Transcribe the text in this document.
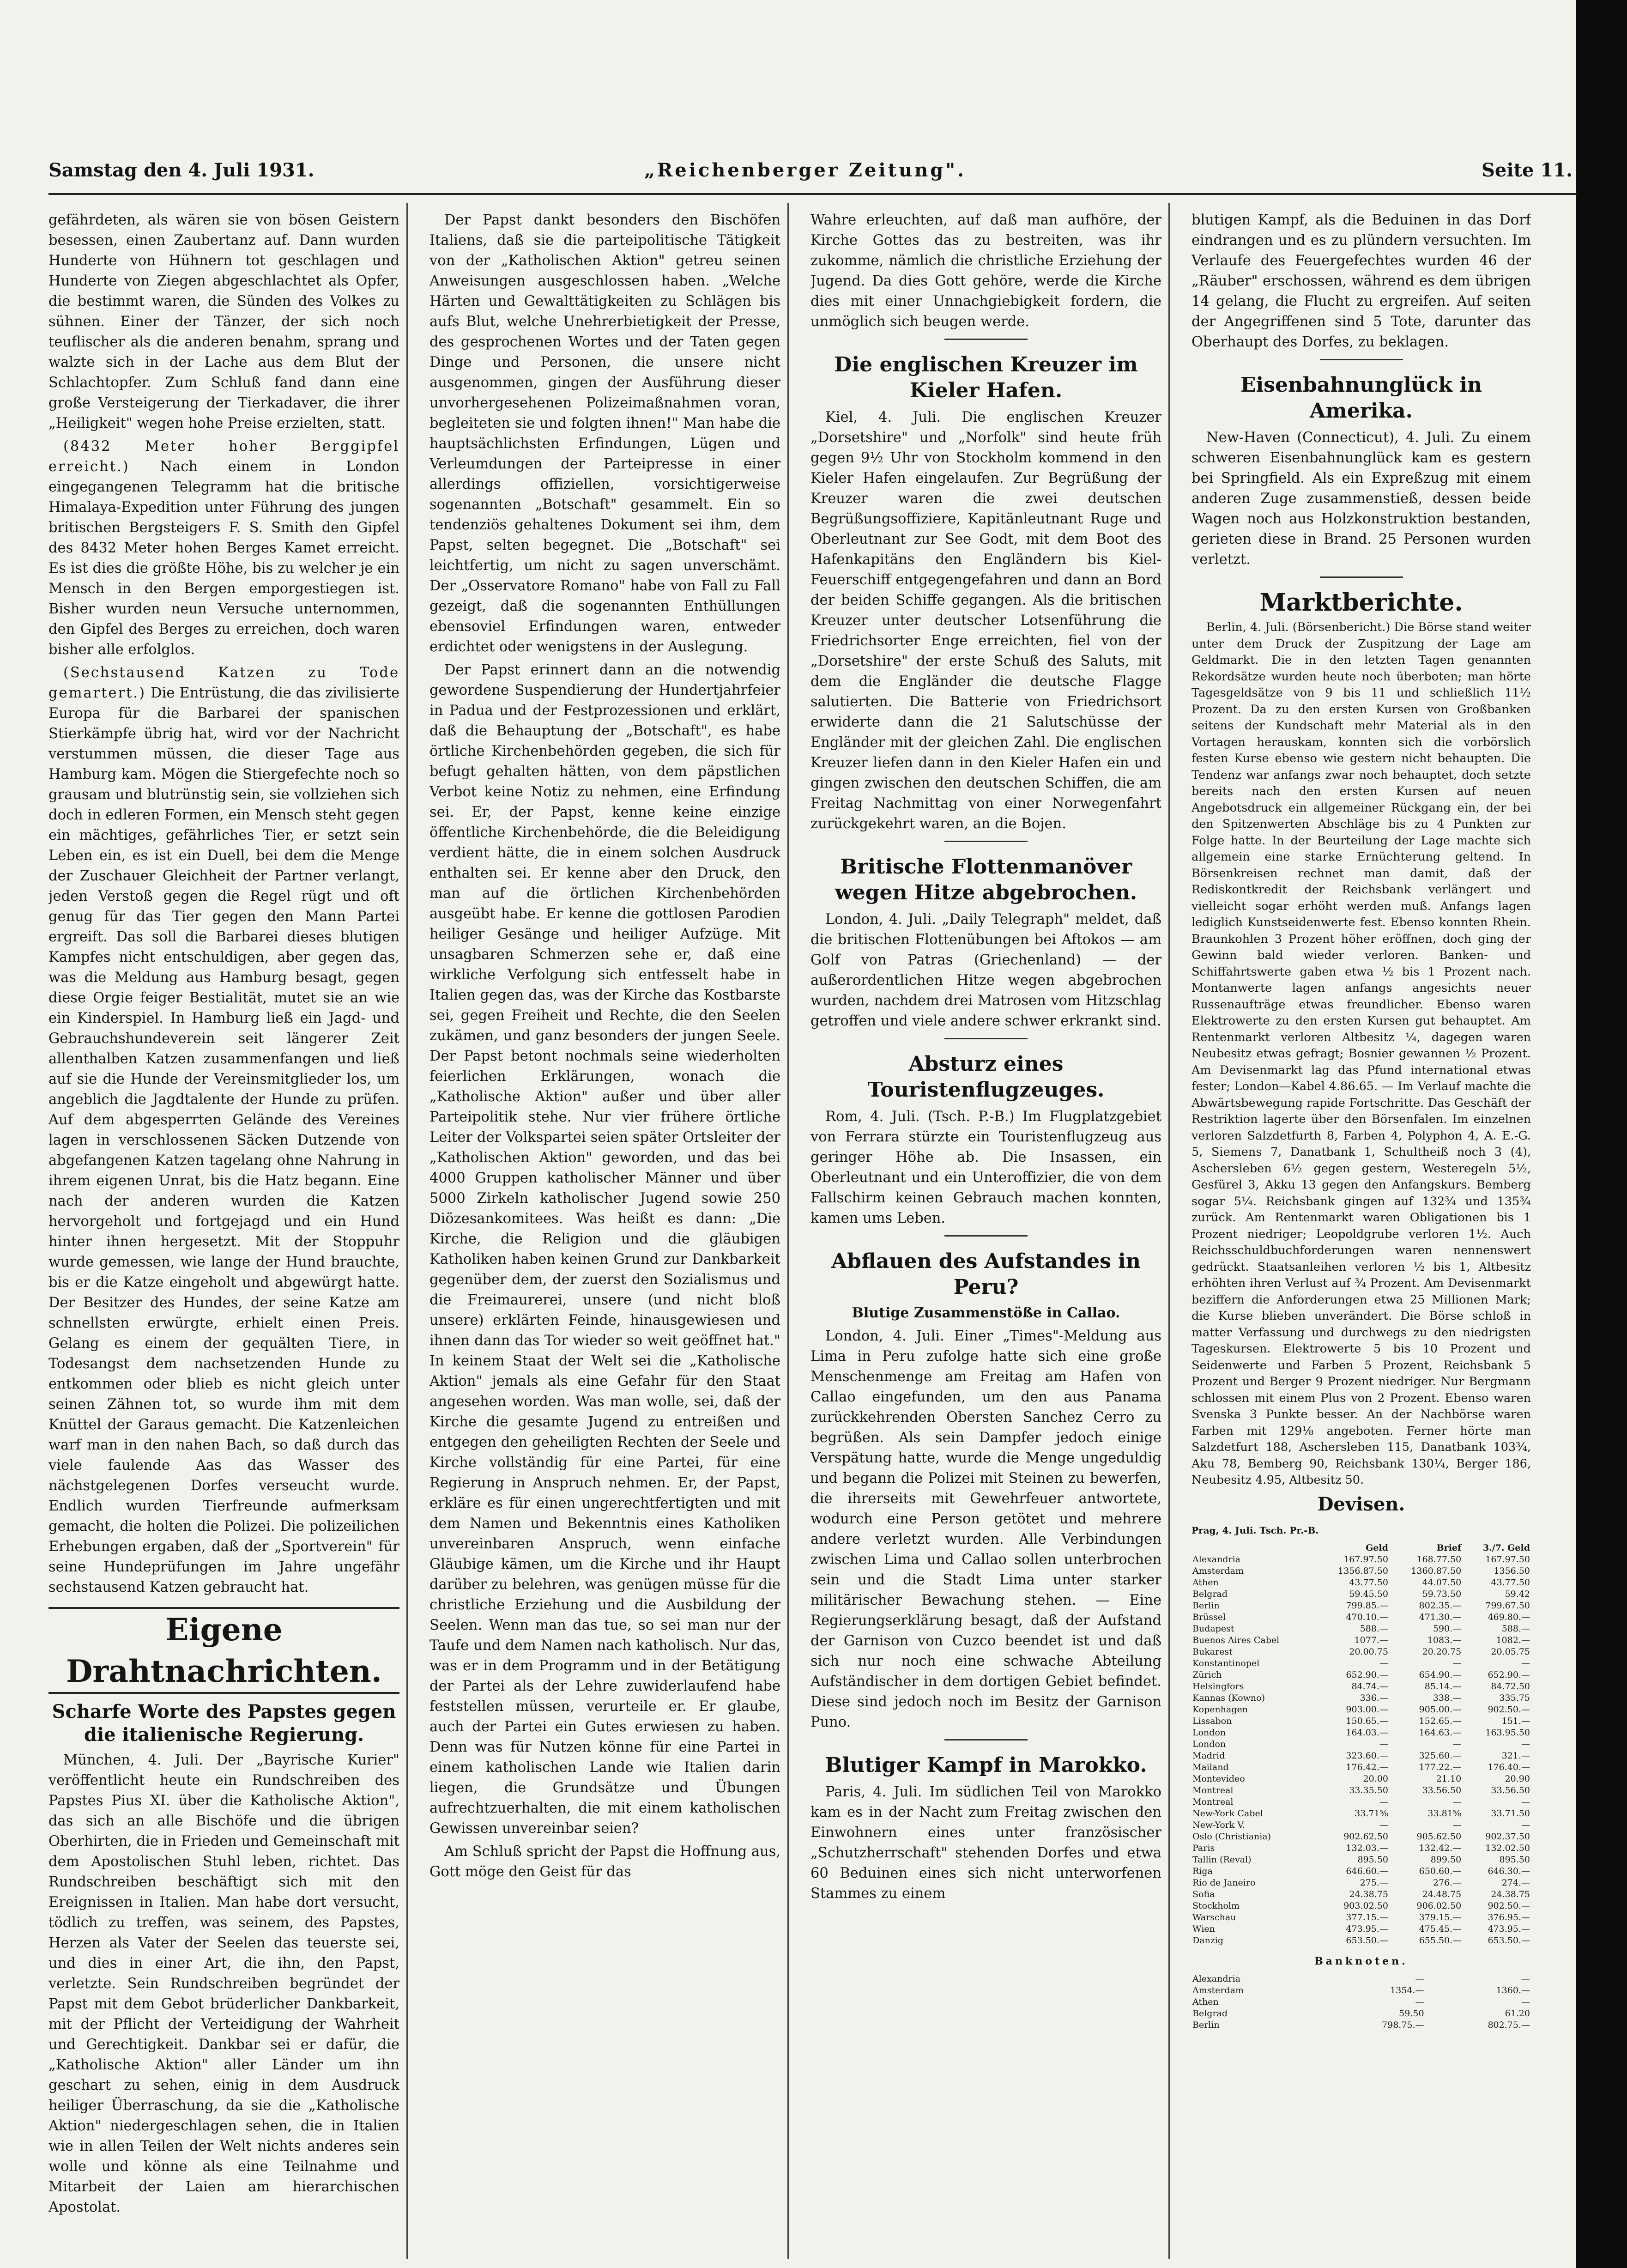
Samstag den 4. Juli 1931.	„Reichenberger Zeitung".	Seite 11.

gefährdeten, als wären sie von bösen Geistern besessen, einen Zaubertanz auf. Dann wurden Hunderte von Hühnern tot geschlagen und Hunderte von Ziegen abgeschlachtet als Opfer, die bestimmt waren, die Sünden des Volkes zu sühnen. Einer der Tänzer, der sich noch teuflischer als die anderen benahm, sprang und walzte sich in der Lache aus dem Blut der Schlachtopfer. Zum Schluß fand dann eine große Versteigerung der Tierkadaver, die ihrer „Heiligkeit" wegen hohe Preise erzielten, statt.

(8432 Meter hoher Berggipfel erreicht.) Nach einem in London eingegangenen Telegramm hat die britische Himalaya-Expedition unter Führung des jungen britischen Bergsteigers F. S. Smith den Gipfel des 8432 Meter hohen Berges Kamet erreicht. Es ist dies die größte Höhe, bis zu welcher je ein Mensch in den Bergen emporgestiegen ist. Bisher wurden neun Versuche unternommen, den Gipfel des Berges zu erreichen, doch waren bisher alle erfolglos.

(Sechstausend Katzen zu Tode gemartert.) Die Entrüstung, die das zivilisierte Europa für die Barbarei der spanischen Stierkämpfe übrig hat, wird vor der Nachricht verstummen müssen, die dieser Tage aus Hamburg kam. Mögen die Stiergefechte noch so grausam und blutrünstig sein, sie vollziehen sich doch in edleren Formen, ein Mensch steht gegen ein mächtiges, gefährliches Tier, er setzt sein Leben ein, es ist ein Duell, bei dem die Menge der Zuschauer Gleichheit der Partner verlangt, jeden Verstoß gegen die Regel rügt und oft genug für das Tier gegen den Mann Partei ergreift. Das soll die Barbarei dieses blutigen Kampfes nicht entschuldigen, aber gegen das, was die Meldung aus Hamburg besagt, gegen diese Orgie feiger Bestialität, mutet sie an wie ein Kinderspiel. In Hamburg ließ ein Jagd- und Gebrauchshundeverein seit längerer Zeit allenthalben Katzen zusammenfangen und ließ auf sie die Hunde der Vereinsmitglieder los, um angeblich die Jagdtalente der Hunde zu prüfen. Auf dem abgesperrten Gelände des Vereines lagen in verschlossenen Säcken Dutzende von abgefangenen Katzen tagelang ohne Nahrung in ihrem eigenen Unrat, bis die Hatz begann. Eine nach der anderen wurden die Katzen hervorgeholt und fortgejagd und ein Hund hinter ihnen hergesetzt. Mit der Stoppuhr wurde gemessen, wie lange der Hund brauchte, bis er die Katze eingeholt und abgewürgt hatte. Der Besitzer des Hundes, der seine Katze am schnellsten erwürgte, erhielt einen Preis. Gelang es einem der gequälten Tiere, in Todesangst dem nachsetzenden Hunde zu entkommen oder blieb es nicht gleich unter seinen Zähnen tot, so wurde ihm mit dem Knüttel der Garaus gemacht. Die Katzenleichen warf man in den nahen Bach, so daß durch das viele faulende Aas das Wasser des nächstgelegenen Dorfes verseucht wurde. Endlich wurden Tierfreunde aufmerksam gemacht, die holten die Polizei. Die polizeilichen Erhebungen ergaben, daß der „Sportverein" für seine Hundeprüfungen im Jahre ungefähr sechstausend Katzen gebraucht hat.

Eigene Drahtnachrichten.
Scharfe Worte des Papstes gegen die italienische Regierung.

München, 4. Juli. Der „Bayrische Kurier" veröffentlicht heute ein Rundschreiben des Papstes Pius XI. über die Katholische Aktion", das sich an alle Bischöfe und die übrigen Oberhirten, die in Frieden und Gemeinschaft mit dem Apostolischen Stuhl leben, richtet. Das Rundschreiben beschäftigt sich mit den Ereignissen in Italien. Man habe dort versucht, tödlich zu treffen, was seinem, des Papstes, Herzen als Vater der Seelen das teuerste sei, und dies in einer Art, die ihn, den Papst, verletzte. Sein Rundschreiben begründet der Papst mit dem Gebot brüderlicher Dankbarkeit, mit der Pflicht der Verteidigung der Wahrheit und Gerechtigkeit. Dankbar sei er dafür, die „Katholische Aktion" aller Länder um ihn geschart zu sehen, einig in dem Ausdruck heiliger Überraschung, da sie die „Katholische Aktion" niedergeschlagen sehen, die in Italien wie in allen Teilen der Welt nichts anderes sein wolle und könne als eine Teilnahme und Mitarbeit der Laien am hierarchischen Apostolat.

Der Papst dankt besonders den Bischöfen Italiens, daß sie die parteipolitische Tätigkeit von der „Katholischen Aktion" getreu seinen Anweisungen ausgeschlossen haben. „Welche Härten und Gewalttätigkeiten zu Schlägen bis aufs Blut, welche Unehrerbietigkeit der Presse, des gesprochenen Wortes und der Taten gegen Dinge und Personen, die unsere nicht ausgenommen, gingen der Ausführung dieser unvorhergesehenen Polizeimaßnahmen voran, begleiteten sie und folgten ihnen!" Man habe die hauptsächlichsten Erfindungen, Lügen und Verleumdungen der Parteipresse in einer allerdings offiziellen, vorsichtigerweise sogenannten „Botschaft" gesammelt. Ein so tendenziös gehaltenes Dokument sei ihm, dem Papst, selten begegnet. Die „Botschaft" sei leichtfertig, um nicht zu sagen unverschämt. Der „Osservatore Romano" habe von Fall zu Fall gezeigt, daß die sogenannten Enthüllungen ebensoviel Erfindungen waren, entweder erdichtet oder wenigstens in der Auslegung.

Der Papst erinnert dann an die notwendig gewordene Suspendierung der Hundertjahrfeier in Padua und der Festprozessionen und erklärt, daß die Behauptung der „Botschaft", es habe örtliche Kirchenbehörden gegeben, die sich für befugt gehalten hätten, von dem päpstlichen Verbot keine Notiz zu nehmen, eine Erfindung sei. Er, der Papst, kenne keine einzige öffentliche Kirchenbehörde, die die Beleidigung verdient hätte, die in einem solchen Ausdruck enthalten sei. Er kenne aber den Druck, den man auf die örtlichen Kirchenbehörden ausgeübt habe. Er kenne die gottlosen Parodien heiliger Gesänge und heiliger Aufzüge. Mit unsagbaren Schmerzen sehe er, daß eine wirkliche Verfolgung sich entfesselt habe in Italien gegen das, was der Kirche das Kostbarste sei, gegen Freiheit und Rechte, die den Seelen zukämen, und ganz besonders der jungen Seele. Der Papst betont nochmals seine wiederholten feierlichen Erklärungen, wonach die „Katholische Aktion" außer und über aller Parteipolitik stehe. Nur vier frühere örtliche Leiter der Volkspartei seien später Ortsleiter der „Katholischen Aktion" geworden, und das bei 4000 Gruppen katholischer Männer und über 5000 Zirkeln katholischer Jugend sowie 250 Diözesankomitees. Was heißt es dann: „Die Kirche, die Religion und die gläubigen Katholiken haben keinen Grund zur Dankbarkeit gegenüber dem, der zuerst den Sozialismus und die Freimaurerei, unsere (und nicht bloß unsere) erklärten Feinde, hinausgewiesen und ihnen dann das Tor wieder so weit geöffnet hat." In keinem Staat der Welt sei die „Katholische Aktion" jemals als eine Gefahr für den Staat angesehen worden. Was man wolle, sei, daß der Kirche die gesamte Jugend zu entreißen und entgegen den geheiligten Rechten der Seele und Kirche vollständig für eine Partei, für eine Regierung in Anspruch nehmen. Er, der Papst, erkläre es für einen ungerechtfertigten und mit dem Namen und Bekenntnis eines Katholiken unvereinbaren Anspruch, wenn einfache Gläubige kämen, um die Kirche und ihr Haupt darüber zu belehren, was genügen müsse für die christliche Erziehung und die Ausbildung der Seelen. Wenn man das tue, so sei man nur der Taufe und dem Namen nach katholisch. Nur das, was er in dem Programm und in der Betätigung der Partei als der Lehre zuwiderlaufend habe feststellen müssen, verurteile er. Er glaube, auch der Partei ein Gutes erwiesen zu haben. Denn was für Nutzen könne für eine Partei in einem katholischen Lande wie Italien darin liegen, die Grundsätze und Übungen aufrechtzuerhalten, die mit einem katholischen Gewissen unvereinbar seien?

Am Schluß spricht der Papst die Hoffnung aus, Gott möge den Geist für das

Wahre erleuchten, auf daß man aufhöre, der Kirche Gottes das zu bestreiten, was ihr zukomme, nämlich die christliche Erziehung der Jugend. Da dies Gott gehöre, werde die Kirche dies mit einer Unnachgiebigkeit fordern, die unmöglich sich beugen werde.

Die englischen Kreuzer im Kieler Hafen.

Kiel, 4. Juli. Die englischen Kreuzer „Dorsetshire" und „Norfolk" sind heute früh gegen 9½ Uhr von Stockholm kommend in den Kieler Hafen eingelaufen. Zur Begrüßung der Kreuzer waren die zwei deutschen Begrüßungsoffiziere, Kapitänleutnant Ruge und Oberleutnant zur See Godt, mit dem Boot des Hafenkapitäns den Engländern bis Kiel-Feuerschiff entgegengefahren und dann an Bord der beiden Schiffe gegangen. Als die britischen Kreuzer unter deutscher Lotsenführung die Friedrichsorter Enge erreichten, fiel von der „Dorsetshire" der erste Schuß des Saluts, mit dem die Engländer die deutsche Flagge salutierten. Die Batterie von Friedrichsort erwiderte dann die 21 Salutschüsse der Engländer mit der gleichen Zahl. Die englischen Kreuzer liefen dann in den Kieler Hafen ein und gingen zwischen den deutschen Schiffen, die am Freitag Nachmittag von einer Norwegenfahrt zurückgekehrt waren, an die Bojen.

Britische Flottenmanöver wegen Hitze abgebrochen.

London, 4. Juli. „Daily Telegraph" meldet, daß die britischen Flottenübungen bei Aftokos — am Golf von Patras (Griechenland) — der außerordentlichen Hitze wegen abgebrochen wurden, nachdem drei Matrosen vom Hitzschlag getroffen und viele andere schwer erkrankt sind.

Absturz eines Touristenflugzeuges.

Rom, 4. Juli. (Tsch. P.-B.) Im Flugplatzgebiet von Ferrara stürzte ein Touristenflugzeug aus geringer Höhe ab. Die Insassen, ein Oberleutnant und ein Unteroffizier, die von dem Fallschirm keinen Gebrauch machen konnten, kamen ums Leben.

Abflauen des Aufstandes in Peru?
Blutige Zusammenstöße in Callao.

London, 4. Juli. Einer „Times"-Meldung aus Lima in Peru zufolge hatte sich eine große Menschenmenge am Freitag am Hafen von Callao eingefunden, um den aus Panama zurückkehrenden Obersten Sanchez Cerro zu begrüßen. Als sein Dampfer jedoch einige Verspätung hatte, wurde die Menge ungeduldig und begann die Polizei mit Steinen zu bewerfen, die ihrerseits mit Gewehrfeuer antwortete, wodurch eine Person getötet und mehrere andere verletzt wurden. Alle Verbindungen zwischen Lima und Callao sollen unterbrochen sein und die Stadt Lima unter starker militärischer Bewachung stehen. — Eine Regierungserklärung besagt, daß der Aufstand der Garnison von Cuzco beendet ist und daß sich nur noch eine schwache Abteilung Aufständischer in dem dortigen Gebiet befindet. Diese sind jedoch noch im Besitz der Garnison Puno.

Blutiger Kampf in Marokko.

Paris, 4. Juli. Im südlichen Teil von Marokko kam es in der Nacht zum Freitag zwischen den Einwohnern eines unter französischer „Schutzherrschaft" stehenden Dorfes und etwa 60 Beduinen eines sich nicht unterworfenen Stammes zu einem

blutigen Kampf, als die Beduinen in das Dorf eindrangen und es zu plündern versuchten. Im Verlaufe des Feuergefechtes wurden 46 der „Räuber" erschossen, während es dem übrigen 14 gelang, die Flucht zu ergreifen. Auf seiten der Angegriffenen sind 5 Tote, darunter das Oberhaupt des Dorfes, zu beklagen.

Eisenbahnunglück in Amerika.

New-Haven (Connecticut), 4. Juli. Zu einem schweren Eisenbahnunglück kam es gestern bei Springfield. Als ein Expreßzug mit einem anderen Zuge zusammenstieß, dessen beide Wagen noch aus Holzkonstruktion bestanden, gerieten diese in Brand. 25 Personen wurden verletzt.

Marktberichte.

Berlin, 4. Juli. (Börsenbericht.) Die Börse stand weiter unter dem Druck der Zuspitzung der Lage am Geldmarkt. Die in den letzten Tagen genannten Rekordsätze wurden heute noch überboten; man hörte Tagesgeldsätze von 9 bis 11 und schließlich 11½ Prozent. Da zu den ersten Kursen von Großbanken seitens der Kundschaft mehr Material als in den Vortagen herauskam, konnten sich die vorbörslich festen Kurse ebenso wie gestern nicht behaupten. Die Tendenz war anfangs zwar noch behauptet, doch setzte bereits nach den ersten Kursen auf neuen Angebotsdruck ein allgemeiner Rückgang ein, der bei den Spitzenwerten Abschläge bis zu 4 Punkten zur Folge hatte. In der Beurteilung der Lage machte sich allgemein eine starke Ernüchterung geltend. In Börsenkreisen rechnet man damit, daß der Rediskontkredit der Reichsbank verlängert und vielleicht sogar erhöht werden muß. Anfangs lagen lediglich Kunstseidenwerte fest. Ebenso konnten Rhein. Braunkohlen 3 Prozent höher eröffnen, doch ging der Gewinn bald wieder verloren. Banken- und Schiffahrtswerte gaben etwa ½ bis 1 Prozent nach. Montanwerte lagen anfangs angesichts neuer Russenaufträge etwas freundlicher. Ebenso waren Elektrowerte zu den ersten Kursen gut behauptet. Am Rentenmarkt verloren Altbesitz ¼, dagegen waren Neubesitz etwas gefragt; Bosnier gewannen ½ Prozent. Am Devisenmarkt lag das Pfund international etwas fester; London—Kabel 4.86.65. — Im Verlauf machte die Abwärtsbewegung rapide Fortschritte. Das Geschäft der Restriktion lagerte über den Börsenfalen. Im einzelnen verloren Salzdetfurth 8, Farben 4, Polyphon 4, A. E.-G. 5, Siemens 7, Danatbank 1, Schultheiß noch 3 (4), Aschersleben 6½ gegen gestern, Westeregeln 5½, Gesfürel 3, Akku 13 gegen den Anfangskurs. Bemberg sogar 5¼. Reichsbank gingen auf 132¾ und 135¾ zurück. Am Rentenmarkt waren Obligationen bis 1 Prozent niedriger; Leopoldgrube verloren 1½. Auch Reichsschuldbuchforderungen waren nennenswert gedrückt. Staatsanleihen verloren ½ bis 1, Altbesitz erhöhten ihren Verlust auf ¾ Prozent. Am Devisenmarkt beziffern die Anforderungen etwa 25 Millionen Mark; die Kurse blieben unverändert. Die Börse schloß in matter Verfassung und durchwegs zu den niedrigsten Tageskursen. Elektrowerte 5 bis 10 Prozent und Seidenwerte und Farben 5 Prozent, Reichsbank 5 Prozent und Berger 9 Prozent niedriger. Nur Bergmann schlossen mit einem Plus von 2 Prozent. Ebenso waren Svenska 3 Punkte besser. An der Nachbörse waren Farben mit 129⅛ angeboten. Ferner hörte man Salzdetfurt 188, Aschersleben 115, Danatbank 103¾, Aku 78, Bemberg 90, Reichsbank 130¼, Berger 186, Neubesitz 4.95, Altbesitz 50.

Devisen.
Prag, 4. Juli. Tsch. Pr.-B.
	Geld	Brief	3./7. Geld
Alexandria	167.97.50	168.77.50	167.97.50
Amsterdam	1356.87.50	1360.87.50	1356.50
Athen	43.77.50	44.07.50	43.77.50
Belgrad	59.45.50	59.73.50	59.42
Berlin	799.85.—	802.35.—	799.67.50
Brüssel	470.10.—	471.30.—	469.80.—
Budapest	588.—	590.—	588.—
Buenos Aires Cabel	1077.—	1083.—	1082.—
Bukarest	20.00.75	20.20.75	20.05.75
Konstantinopel	—	—	—
Zürich	652.90.—	654.90.—	652.90.—
Helsingfors	84.74.—	85.14.—	84.72.50
Kannas (Kowno)	336.—	338.—	335.75
Kopenhagen	903.00.—	905.00.—	902.50.—
Lissabon	150.65.—	152.65.—	151.—
London	164.03.—	164.63.—	163.95.50
London	—	—	—
Madrid	323.60.—	325.60.—	321.—
Mailand	176.42.—	177.22.—	176.40.—
Montevideo	20.00	21.10	20.90
Montreal	33.35.50	33.56.50	33.56.50
Montreal	—	—	—
New-York Cabel	33.71⅝	33.81⅝	33.71.50
New-York V.	—	—	—
Oslo (Christiania)	902.62.50	905.62.50	902.37.50
Paris	132.03.—	132.42.—	132.02.50
Tallin (Reval)	895.50	899.50	895.50
Riga	646.60.—	650.60.—	646.30.—
Rio de Janeiro	275.—	276.—	274.—
Sofia	24.38.75	24.48.75	24.38.75
Stockholm	903.02.50	906.02.50	902.50.—
Warschau	377.15.—	379.15.—	376.95.—
Wien	473.95.—	475.45.—	473.95.—
Danzig	653.50.—	655.50.—	653.50.—
Banknoten.
Alexandria	—	—
Amsterdam	1354.—	1360.—
Athen	—	—
Belgrad	59.50	61.20
Berlin	798.75.—	802.75.—
